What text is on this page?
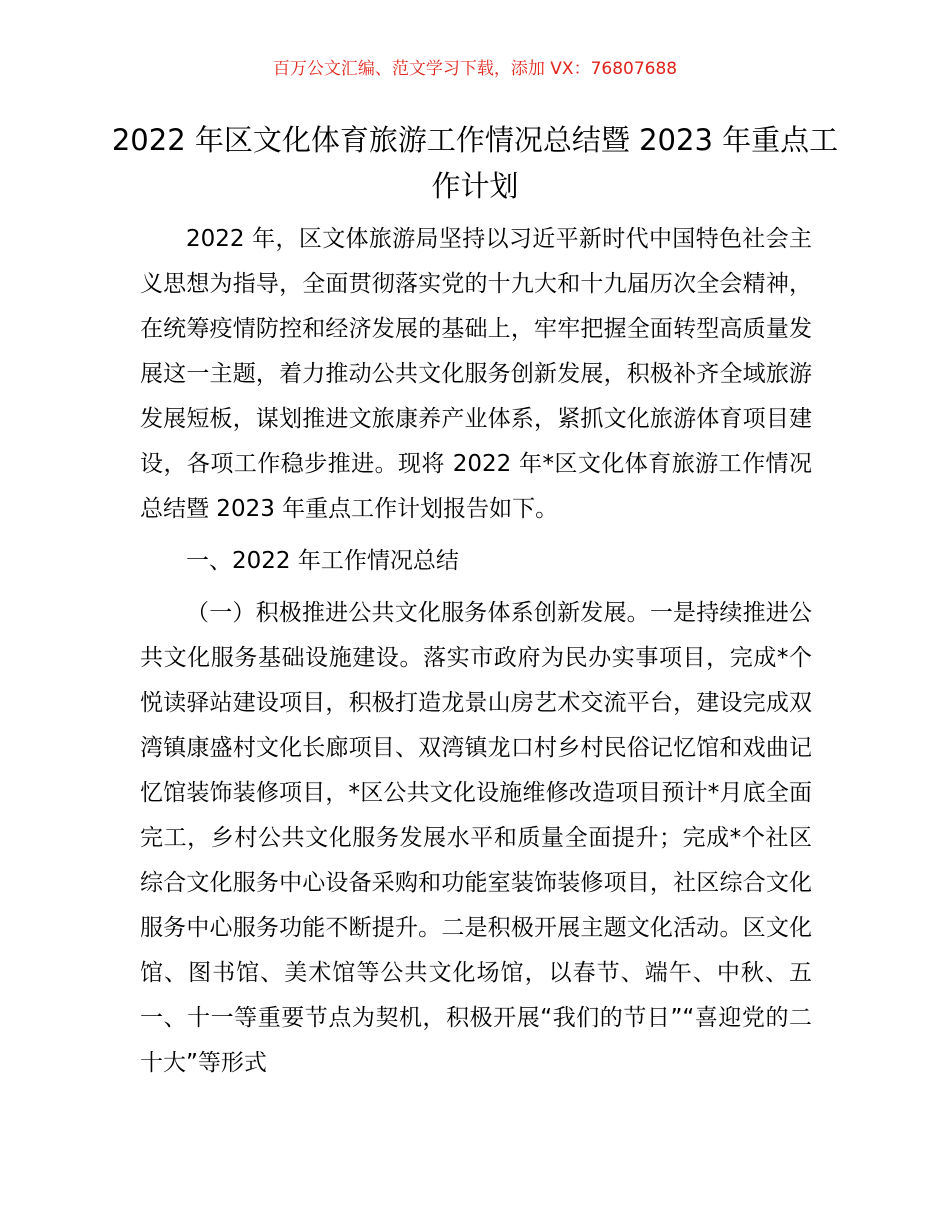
百万公文汇编、范文学习下载，添加 VX：76807688
2022 年区文化体育旅游工作情况总结暨 2023 年重点工作计划

2022 年，区文体旅游局坚持以习近平新时代中国特色社会主义思想为指导，全面贯彻落实党的十九大和十九届历次全会精神，在统筹疫情防控和经济发展的基础上，牢牢把握全面转型高质量发展这一主题，着力推动公共文化服务创新发展，积极补齐全域旅游发展短板，谋划推进文旅康养产业体系，紧抓文化旅游体育项目建设，各项工作稳步推进。现将 2022 年*区文化体育旅游工作情况总结暨 2023 年重点工作计划报告如下。

一、2022 年工作情况总结

（一）积极推进公共文化服务体系创新发展。一是持续推进公共文化服务基础设施建设。落实市政府为民办实事项目，完成*个悦读驿站建设项目，积极打造龙景山房艺术交流平台，建设完成双湾镇康盛村文化长廊项目、双湾镇龙口村乡村民俗记忆馆和戏曲记忆馆装饰装修项目，*区公共文化设施维修改造项目预计*月底全面完工，乡村公共文化服务发展水平和质量全面提升；完成*个社区综合文化服务中心设备采购和功能室装饰装修项目，社区综合文化服务中心服务功能不断提升。二是积极开展主题文化活动。区文化馆、图书馆、美术馆等公共文化场馆，以春节、端午、中秋、五一、十一等重要节点为契机，积极开展“我们的节日”“喜迎党的二十大”等形式
